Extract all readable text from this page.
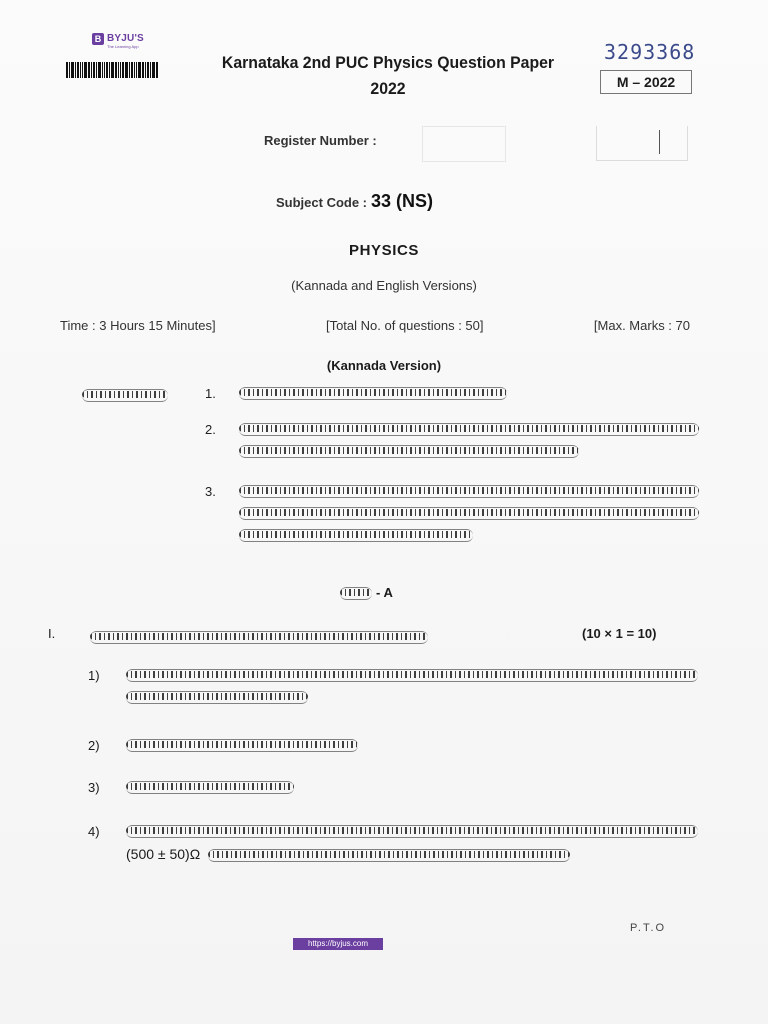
B BYJU'S
The Learning App
Karnataka 2nd PUC Physics Question Paper
2022
3293368
M – 2022
Register Number :
Subject Code : 33 (NS)
PHYSICS
(Kannada and English Versions)
Time : 3 Hours 15 Minutes]	[Total No. of questions : 50]	[Max. Marks : 70
(Kannada Version)
1.
2.
3.
- A
I.	(10 × 1 = 10)
1)
2)
3)
4)
(500 ± 50)Ω
P.T.O
https://byjus.com
